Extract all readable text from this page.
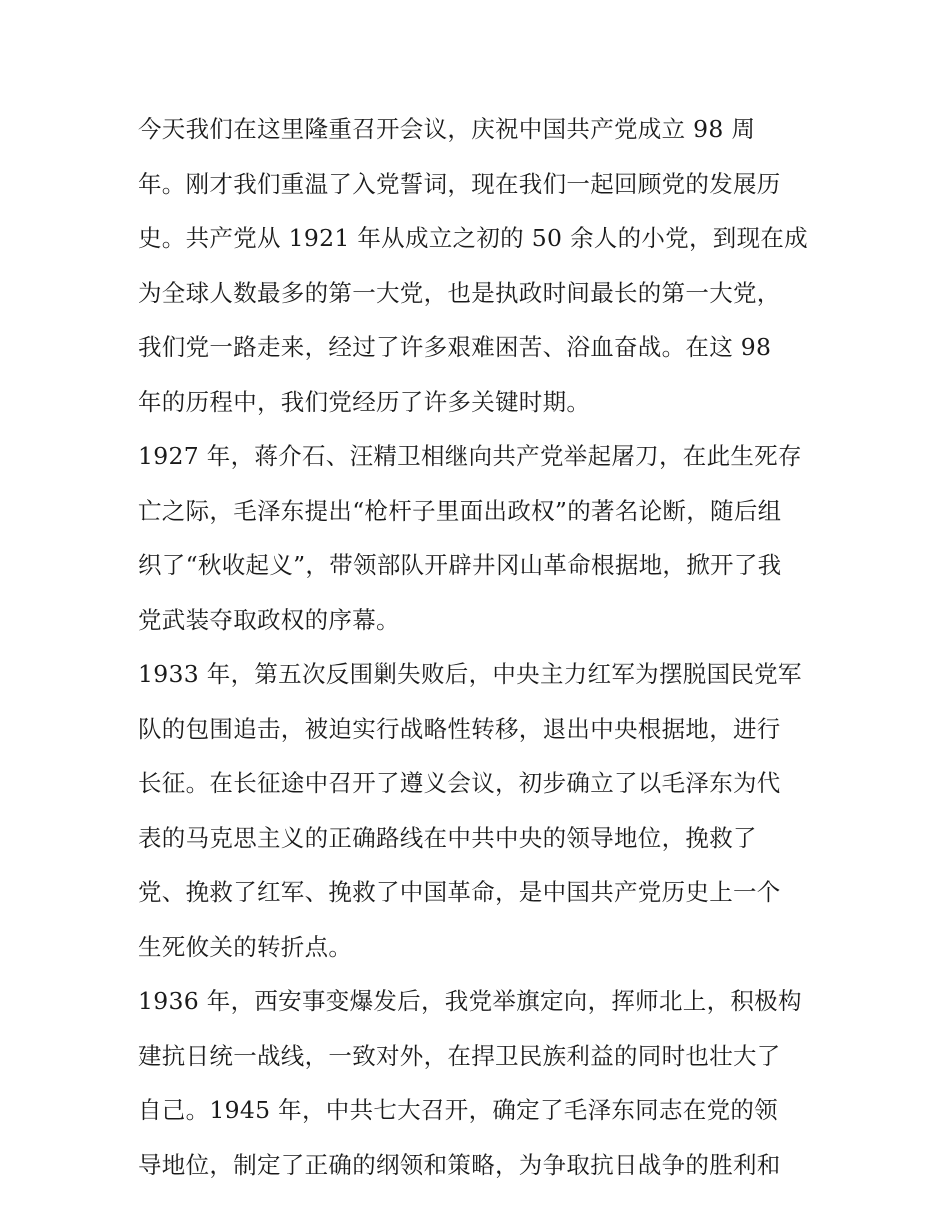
今天我们在这里隆重召开会议，庆祝中国共产党成立 98 周
年。刚才我们重温了入党誓词，现在我们一起回顾党的发展历
史。共产党从 1921 年从成立之初的 50 余人的小党，到现在成
为全球人数最多的第一大党，也是执政时间最长的第一大党，
我们党一路走来，经过了许多艰难困苦、浴血奋战。在这 98
年的历程中，我们党经历了许多关键时期。
1927 年，蒋介石、汪精卫相继向共产党举起屠刀，在此生死存
亡之际，毛泽东提出“枪杆子里面出政权”的著名论断，随后组
织了“秋收起义”，带领部队开辟井冈山革命根据地，掀开了我
党武装夺取政权的序幕。
1933 年，第五次反围剿失败后，中央主力红军为摆脱国民党军
队的包围追击，被迫实行战略性转移，退出中央根据地，进行
长征。在长征途中召开了遵义会议，初步确立了以毛泽东为代
表的马克思主义的正确路线在中共中央的领导地位，挽救了
党、挽救了红军、挽救了中国革命，是中国共产党历史上一个
生死攸关的转折点。
1936 年，西安事变爆发后，我党举旗定向，挥师北上，积极构
建抗日统一战线，一致对外，在捍卫民族利益的同时也壮大了
自己。1945 年，中共七大召开，确定了毛泽东同志在党的领
导地位，制定了正确的纲领和策略，为争取抗日战争的胜利和
